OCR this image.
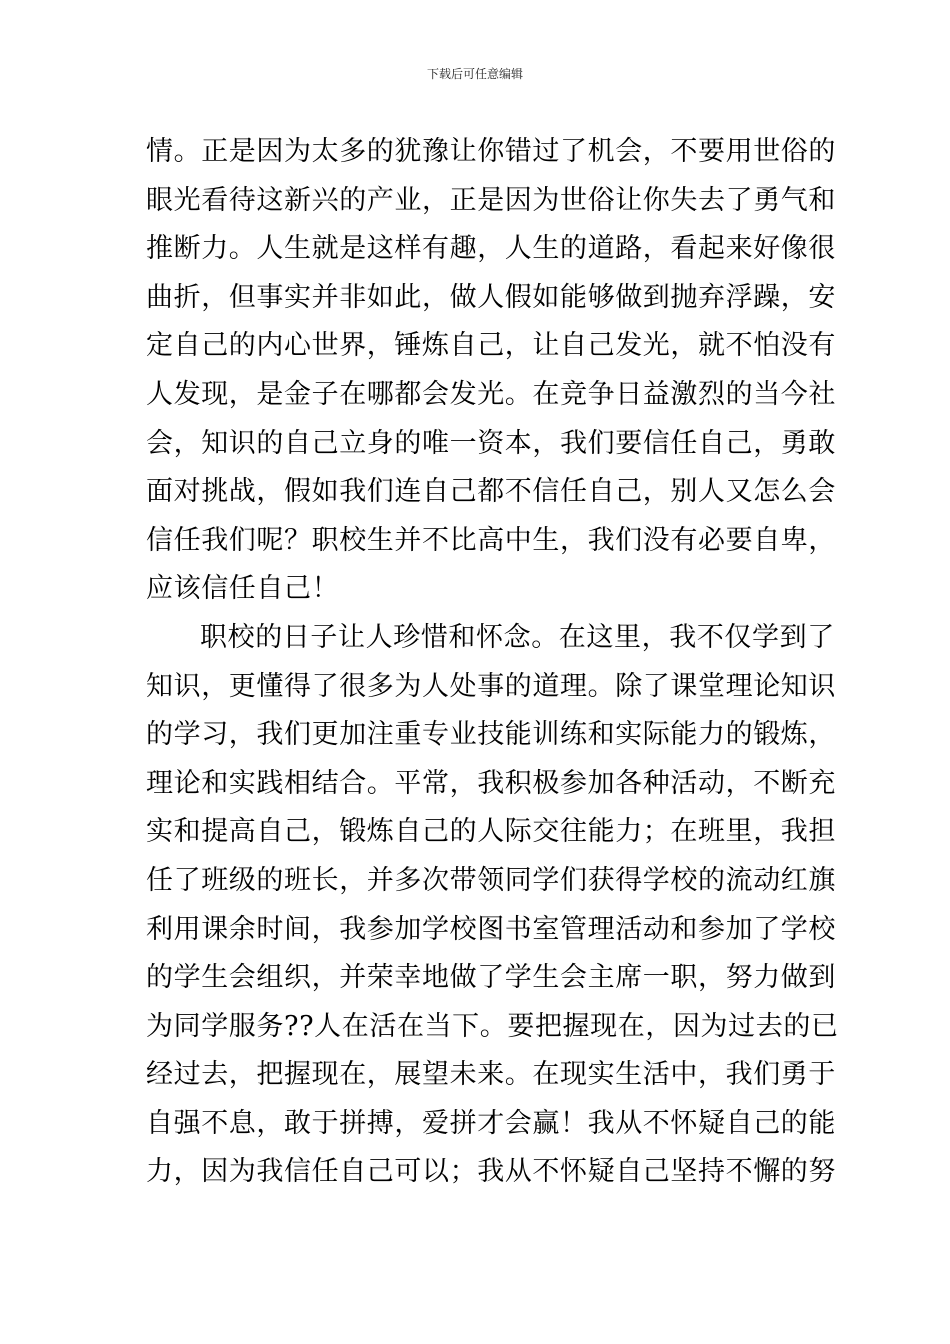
下载后可任意编辑
情。正是因为太多的犹豫让你错过了机会，不要用世俗的
眼光看待这新兴的产业，正是因为世俗让你失去了勇气和
推断力。人生就是这样有趣，人生的道路，看起来好像很
曲折，但事实并非如此，做人假如能够做到抛弃浮躁，安
定自己的内心世界，锤炼自己，让自己发光，就不怕没有
人发现，是金子在哪都会发光。在竞争日益激烈的当今社
会，知识的自己立身的唯一资本，我们要信任自己，勇敢
面对挑战，假如我们连自己都不信任自己，别人又怎么会
信任我们呢？职校生并不比高中生，我们没有必要自卑，
应该信任自己！
职校的日子让人珍惜和怀念。在这里，我不仅学到了
知识，更懂得了很多为人处事的道理。除了课堂理论知识
的学习，我们更加注重专业技能训练和实际能力的锻炼，
理论和实践相结合。平常，我积极参加各种活动，不断充
实和提高自己，锻炼自己的人际交往能力；在班里，我担
任了班级的班长，并多次带领同学们获得学校的流动红旗
利用课余时间，我参加学校图书室管理活动和参加了学校
的学生会组织，并荣幸地做了学生会主席一职，努力做到
为同学服务??人在活在当下。要把握现在，因为过去的已
经过去，把握现在，展望未来。在现实生活中，我们勇于
自强不息，敢于拼搏，爱拼才会赢！我从不怀疑自己的能
力，因为我信任自己可以；我从不怀疑自己坚持不懈的努
